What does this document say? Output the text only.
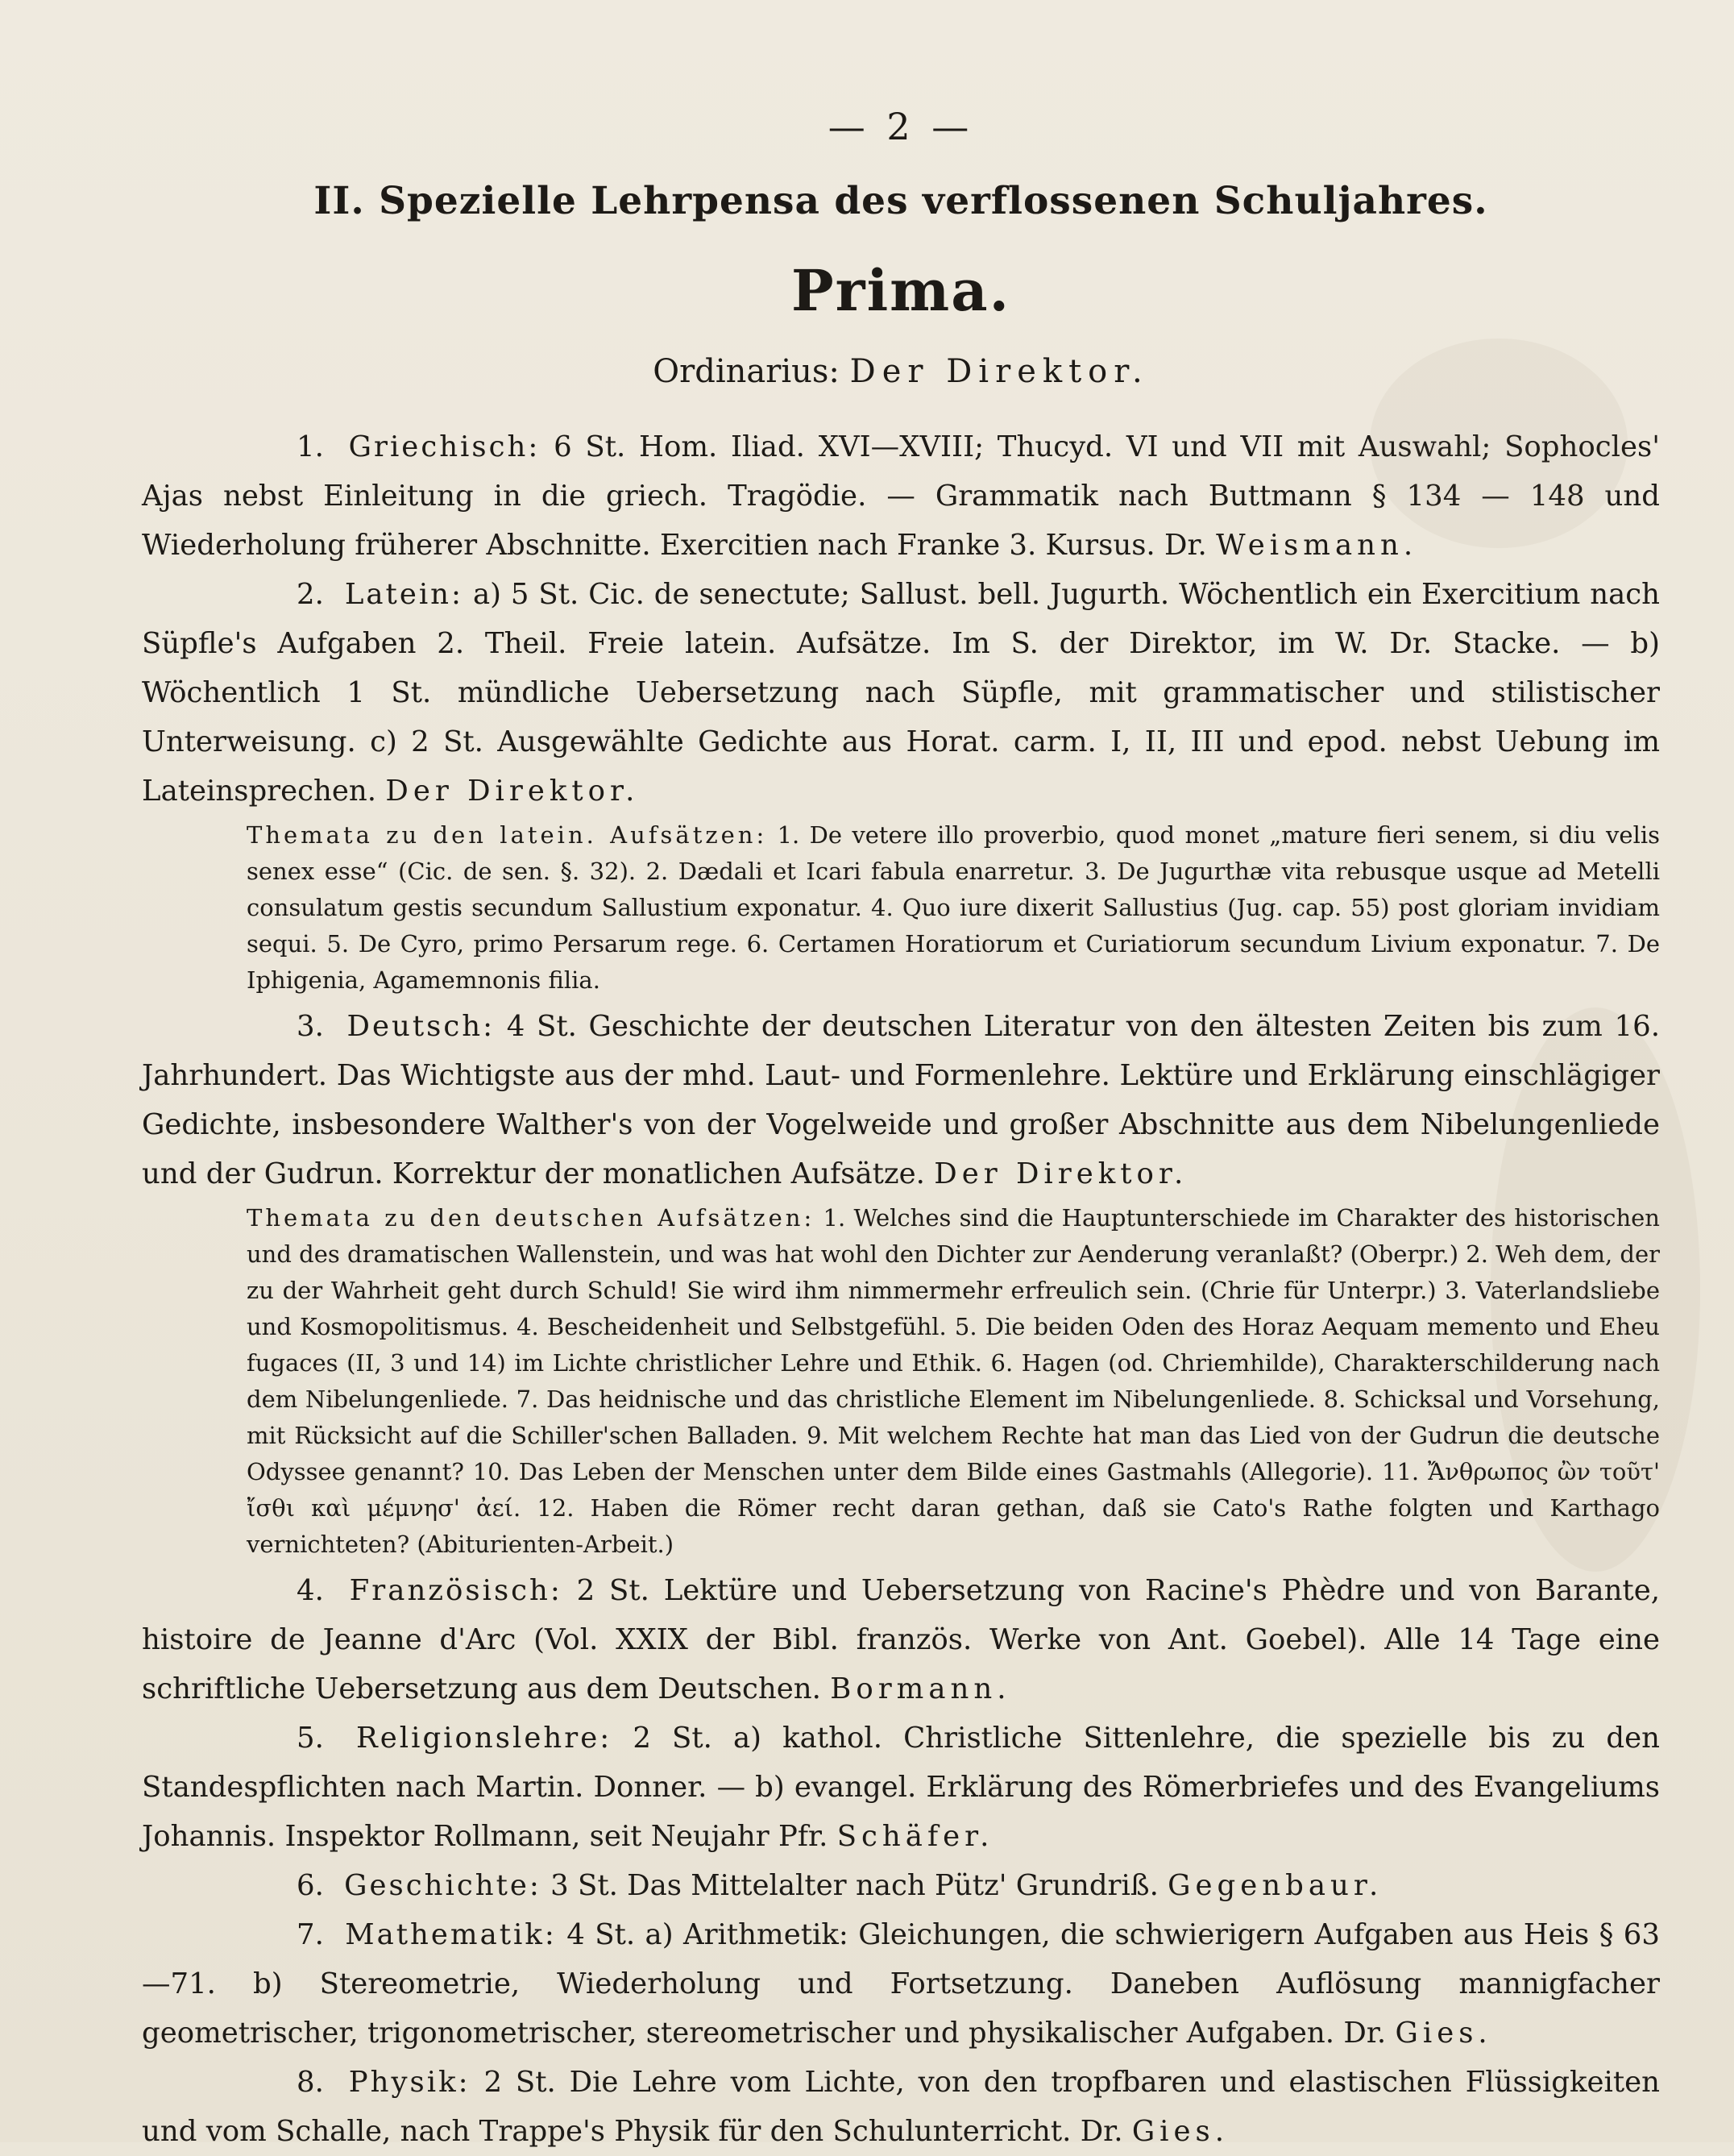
— 2 —
II. Spezielle Lehrpensa des verflossenen Schuljahres.
Prima.
Ordinarius: Der Direktor.

1. Griechisch: 6 St. Hom. Iliad. XVI—XVIII; Thucyd. VI und VII mit Auswahl; Sophocles' Ajas nebst Einleitung in die griech. Tragödie. — Grammatik nach Buttmann § 134 — 148 und Wiederholung früherer Abschnitte. Exercitien nach Franke 3. Kursus. Dr. Weismann.

2. Latein: a) 5 St. Cic. de senectute; Sallust. bell. Jugurth. Wöchentlich ein Exercitium nach Süpfle's Aufgaben 2. Theil. Freie latein. Aufsätze. Im S. der Direktor, im W. Dr. Stacke. — b) Wöchentlich 1 St. mündliche Uebersetzung nach Süpfle, mit grammatischer und stilistischer Unterweisung. c) 2 St. Ausgewählte Gedichte aus Horat. carm. I, II, III und epod. nebst Uebung im Lateinsprechen. Der Direktor.

Themata zu den latein. Aufsätzen: 1. De vetere illo proverbio, quod monet „mature fieri senem, si diu velis senex esse“ (Cic. de sen. §. 32). 2. Dædali et Icari fabula enarretur. 3. De Jugurthæ vita rebusque usque ad Metelli consulatum gestis secundum Sallustium exponatur. 4. Quo iure dixerit Sallustius (Jug. cap. 55) post gloriam invidiam sequi. 5. De Cyro, primo Persarum rege. 6. Certamen Horatiorum et Curiatiorum secundum Livium exponatur. 7. De Iphigenia, Agamemnonis filia.

3. Deutsch: 4 St. Geschichte der deutschen Literatur von den ältesten Zeiten bis zum 16. Jahrhundert. Das Wichtigste aus der mhd. Laut- und Formenlehre. Lektüre und Erklärung einschlägiger Gedichte, insbesondere Walther's von der Vogelweide und großer Abschnitte aus dem Nibelungenliede und der Gudrun. Korrektur der monatlichen Aufsätze. Der Direktor.

Themata zu den deutschen Aufsätzen: 1. Welches sind die Hauptunterschiede im Charakter des historischen und des dramatischen Wallenstein, und was hat wohl den Dichter zur Aenderung veranlaßt? (Oberpr.) 2. Weh dem, der zu der Wahrheit geht durch Schuld! Sie wird ihm nimmermehr erfreulich sein. (Chrie für Unterpr.) 3. Vaterlandsliebe und Kosmopolitismus. 4. Bescheidenheit und Selbstgefühl. 5. Die beiden Oden des Horaz Aequam memento und Eheu fugaces (II, 3 und 14) im Lichte christlicher Lehre und Ethik. 6. Hagen (od. Chriemhilde), Charakterschilderung nach dem Nibelungenliede. 7. Das heidnische und das christliche Element im Nibelungenliede. 8. Schicksal und Vorsehung, mit Rücksicht auf die Schiller'schen Balladen. 9. Mit welchem Rechte hat man das Lied von der Gudrun die deutsche Odyssee genannt? 10. Das Leben der Menschen unter dem Bilde eines Gastmahls (Allegorie). 11. Ἄνθρωπος ὢν τοῦτ' ἴσθι καὶ μέμνησ' ἀεί. 12. Haben die Römer recht daran gethan, daß sie Cato's Rathe folgten und Karthago vernichteten? (Abiturienten-Arbeit.)

4. Französisch: 2 St. Lektüre und Uebersetzung von Racine's Phèdre und von Barante, histoire de Jeanne d'Arc (Vol. XXIX der Bibl. französ. Werke von Ant. Goebel). Alle 14 Tage eine schriftliche Uebersetzung aus dem Deutschen. Bormann.

5. Religionslehre: 2 St. a) kathol. Christliche Sittenlehre, die spezielle bis zu den Standespflichten nach Martin. Donner. — b) evangel. Erklärung des Römerbriefes und des Evangeliums Johannis. Inspektor Rollmann, seit Neujahr Pfr. Schäfer.

6. Geschichte: 3 St. Das Mittelalter nach Pütz' Grundriß. Gegenbaur.

7. Mathematik: 4 St. a) Arithmetik: Gleichungen, die schwierigern Aufgaben aus Heis § 63—71. b) Stereometrie, Wiederholung und Fortsetzung. Daneben Auflösung mannigfacher geometrischer, trigonometrischer, stereometrischer und physikalischer Aufgaben. Dr. Gies.

8. Physik: 2 St. Die Lehre vom Lichte, von den tropfbaren und elastischen Flüssigkeiten und vom Schalle, nach Trappe's Physik für den Schulunterricht. Dr. Gies.
